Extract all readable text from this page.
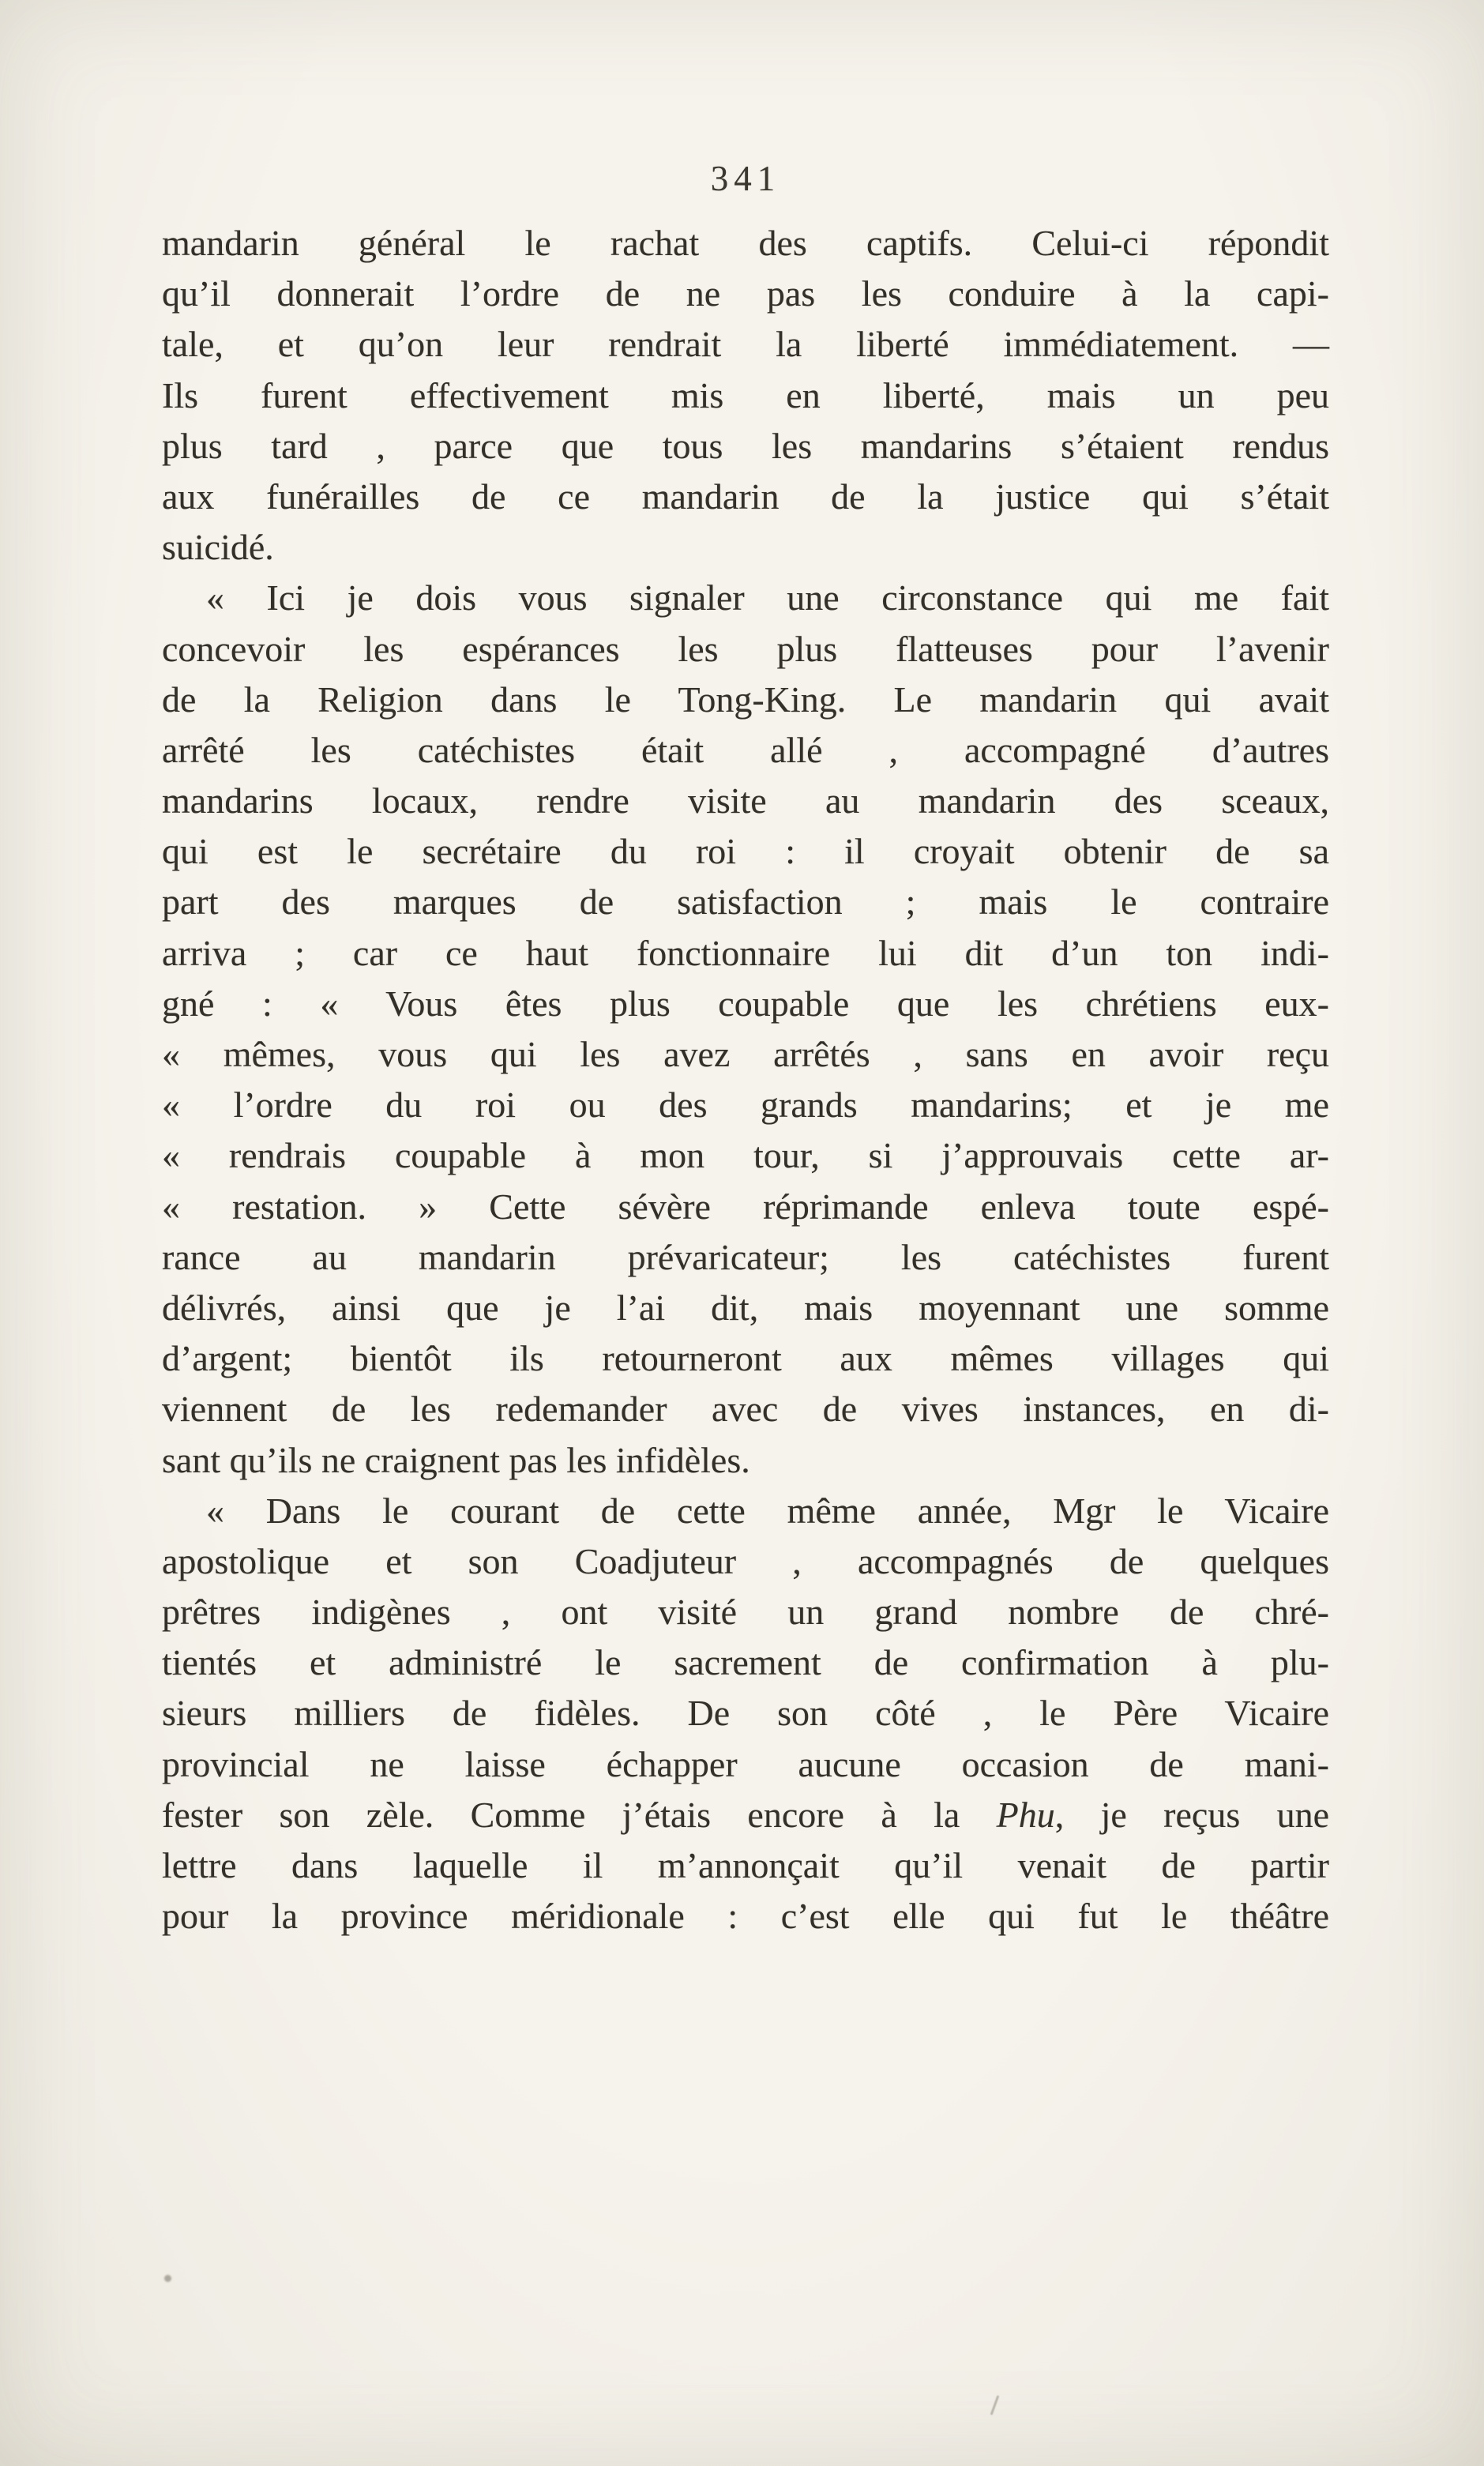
341
mandarin général le rachat des captifs. Celui-ci répondit
qu’il donnerait l’ordre de ne pas les conduire à la capi-
tale, et qu’on leur rendrait la liberté immédiatement. —
Ils furent effectivement mis en liberté, mais un peu
plus tard , parce que tous les mandarins s’étaient rendus
aux funérailles de ce mandarin de la justice qui s’était
suicidé.
« Ici je dois vous signaler une circonstance qui me fait
concevoir les espérances les plus flatteuses pour l’avenir
de la Religion dans le Tong-King. Le mandarin qui avait
arrêté les catéchistes était allé , accompagné d’autres
mandarins locaux, rendre visite au mandarin des sceaux,
qui est le secrétaire du roi : il croyait obtenir de sa
part des marques de satisfaction ; mais le contraire
arriva ; car ce haut fonctionnaire lui dit d’un ton indi-
gné : « Vous êtes plus coupable que les chrétiens eux-
« mêmes, vous qui les avez arrêtés , sans en avoir reçu
« l’ordre du roi ou des grands mandarins; et je me
« rendrais coupable à mon tour, si j’approuvais cette ar-
« restation. » Cette sévère réprimande enleva toute espé-
rance au mandarin prévaricateur; les catéchistes furent
délivrés, ainsi que je l’ai dit, mais moyennant une somme
d’argent; bientôt ils retourneront aux mêmes villages qui
viennent de les redemander avec de vives instances, en di-
sant qu’ils ne craignent pas les infidèles.
« Dans le courant de cette même année, Mgr le Vicaire
apostolique et son Coadjuteur , accompagnés de quelques
prêtres indigènes , ont visité un grand nombre de chré-
tientés et administré le sacrement de confirmation à plu-
sieurs milliers de fidèles. De son côté , le Père Vicaire
provincial ne laisse échapper aucune occasion de mani-
fester son zèle. Comme j’étais encore à la Phu, je reçus une
lettre dans laquelle il m’annonçait qu’il venait de partir
pour la province méridionale : c’est elle qui fut le théâtre
